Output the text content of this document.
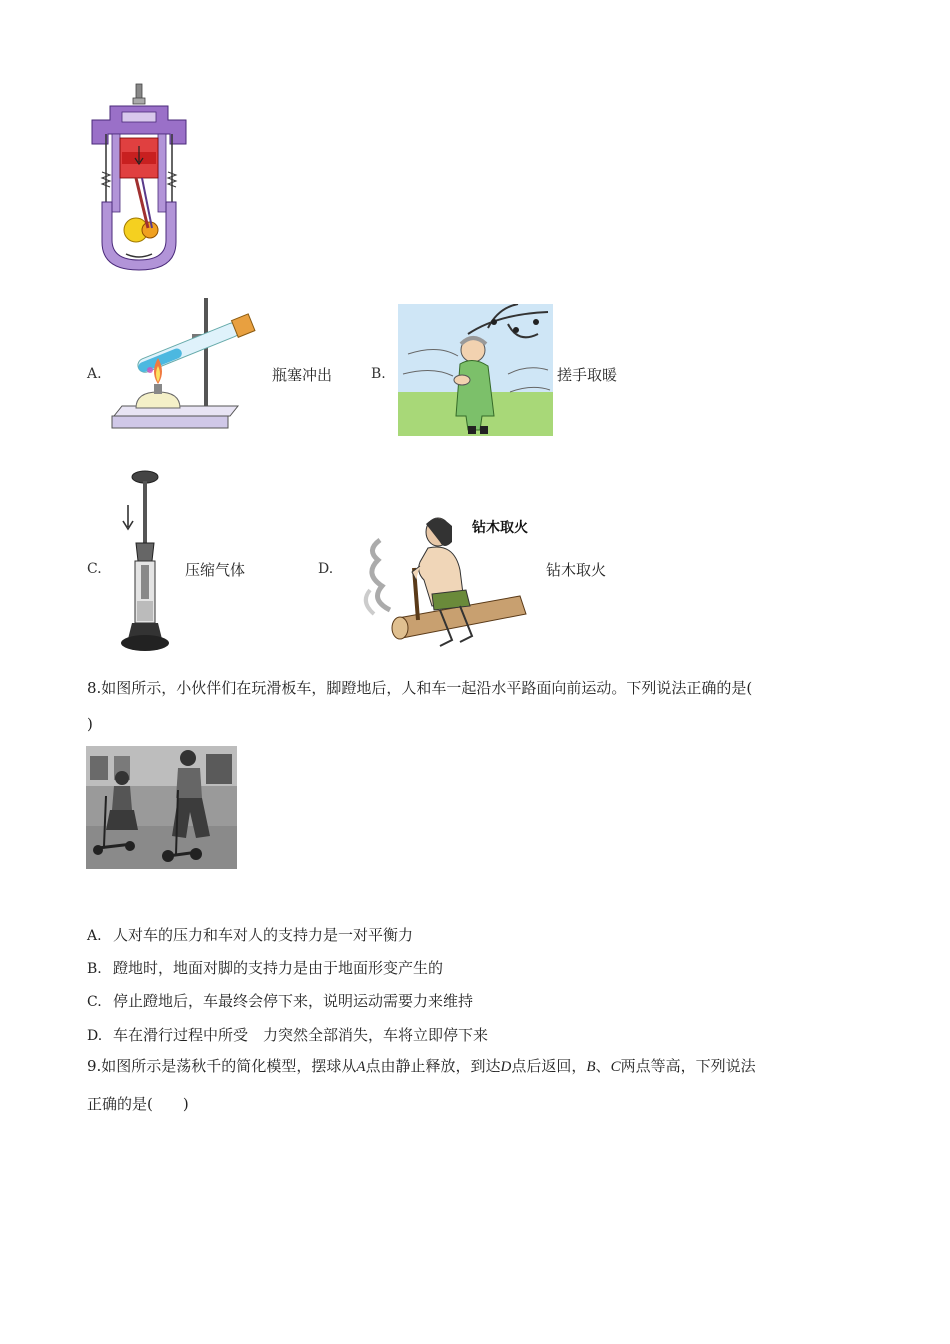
A.	瓶塞冲出	B.	搓手取暖
C.	压缩气体	D.
钻木取火
钻木取火
8.如图所示，小伙伴们在玩滑板车，脚蹬地后，人和车一起沿水平路面向前运动。下列说法正确的是(
)
A. 人对车的压力和车对人的支持力是一对平衡力
B. 蹬地时，地面对脚的支持力是由于地面形变产生的
C. 停止蹬地后，车最终会停下来，说明运动需要力来维持
D. 车在滑行过程中所受　力突然全部消失，车将立即停下来
9.如图所示是荡秋千的简化模型，摆球从A点由静止释放，到达D点后返回，B、C两点等高，下列说法
正确的是(　　)
